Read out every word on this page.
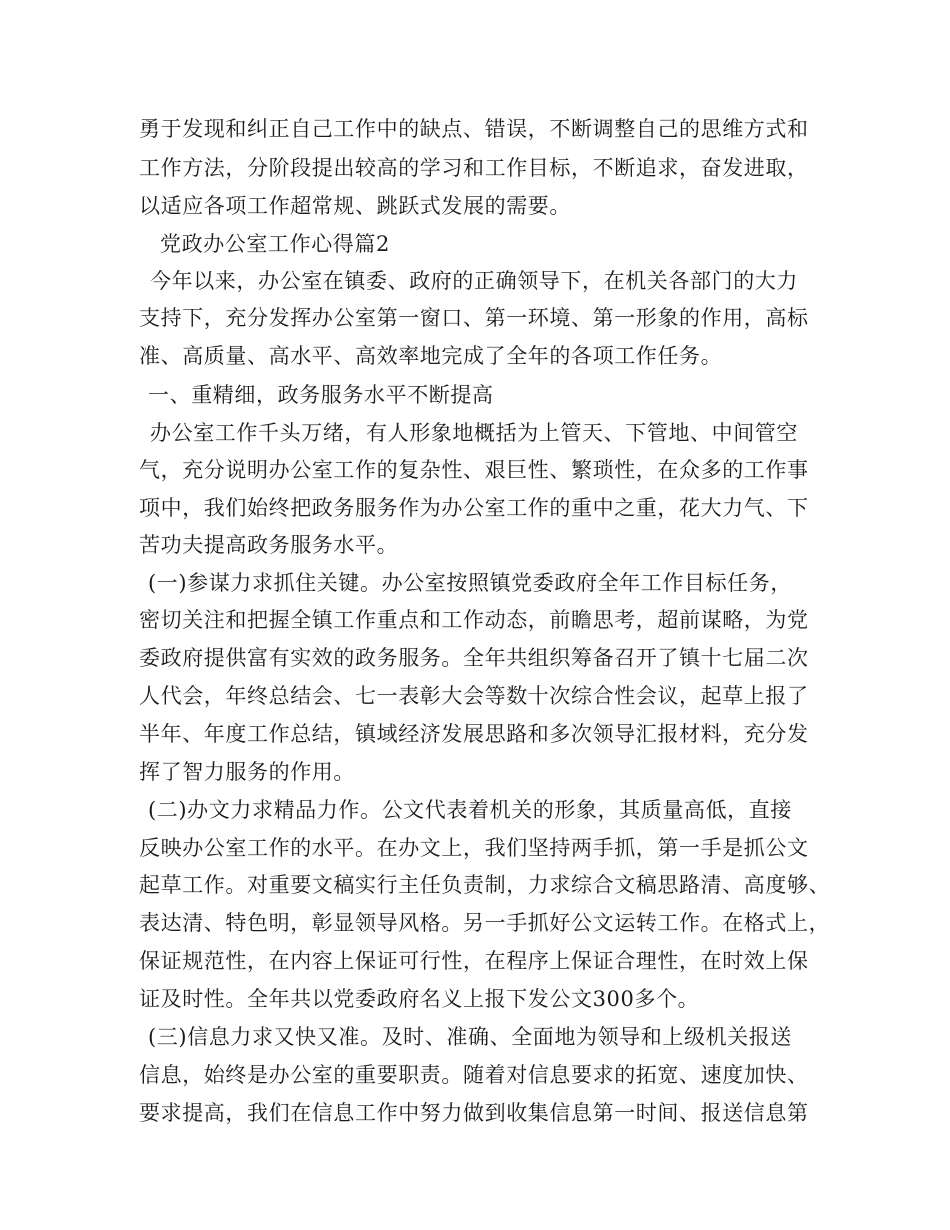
勇于发现和纠正自己工作中的缺点、错误，不断调整自己的思维方式和
工作方法，分阶段提出较高的学习和工作目标，不断追求，奋发进取，
以适应各项工作超常规、跳跃式发展的需要。
党政办公室工作心得篇2
今年以来，办公室在镇委、政府的正确领导下，在机关各部门的大力
支持下，充分发挥办公室第一窗口、第一环境、第一形象的作用，高标
准、高质量、高水平、高效率地完成了全年的各项工作任务。
一、重精细，政务服务水平不断提高
办公室工作千头万绪，有人形象地概括为上管天、下管地、中间管空
气，充分说明办公室工作的复杂性、艰巨性、繁琐性，在众多的工作事
项中，我们始终把政务服务作为办公室工作的重中之重，花大力气、下
苦功夫提高政务服务水平。
(一)参谋力求抓住关键。办公室按照镇党委政府全年工作目标任务，
密切关注和把握全镇工作重点和工作动态，前瞻思考，超前谋略，为党
委政府提供富有实效的政务服务。全年共组织筹备召开了镇十七届二次
人代会，年终总结会、七一表彰大会等数十次综合性会议，起草上报了
半年、年度工作总结，镇域经济发展思路和多次领导汇报材料，充分发
挥了智力服务的作用。
(二)办文力求精品力作。公文代表着机关的形象，其质量高低，直接
反映办公室工作的水平。在办文上，我们坚持两手抓，第一手是抓公文
起草工作。对重要文稿实行主任负责制，力求综合文稿思路清、高度够、
表达清、特色明，彰显领导风格。另一手抓好公文运转工作。在格式上，
保证规范性，在内容上保证可行性，在程序上保证合理性，在时效上保
证及时性。全年共以党委政府名义上报下发公文300多个。
(三)信息力求又快又准。及时、准确、全面地为领导和上级机关报送
信息，始终是办公室的重要职责。随着对信息要求的拓宽、速度加快、
要求提高，我们在信息工作中努力做到收集信息第一时间、报送信息第
